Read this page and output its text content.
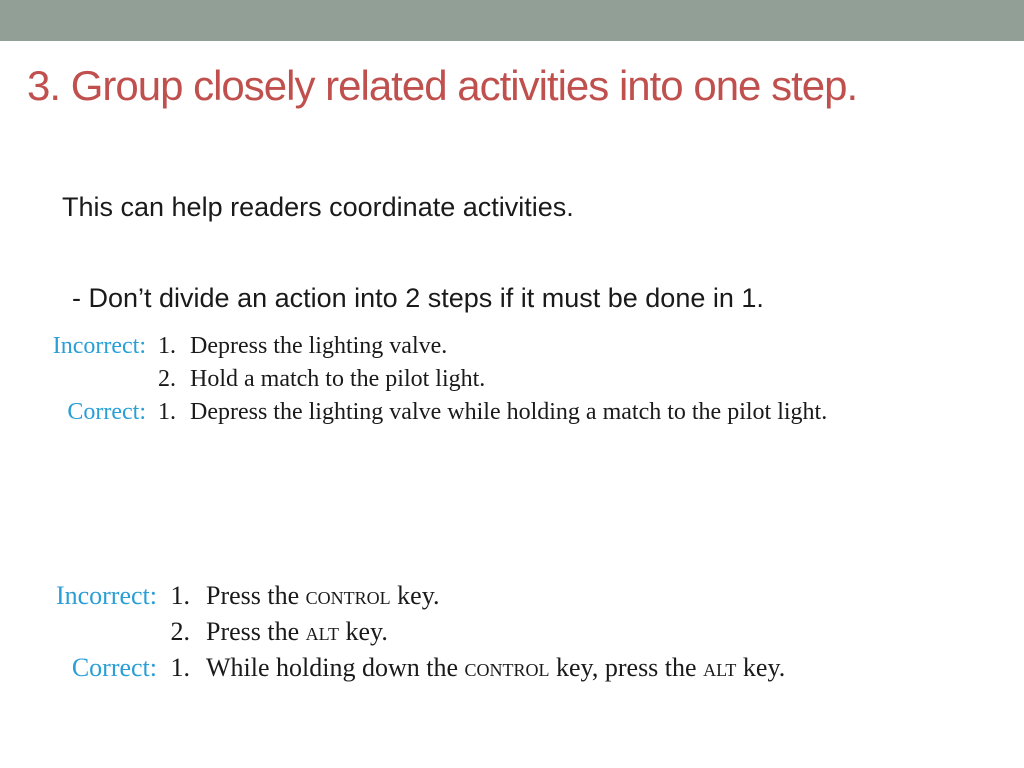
3. Group closely related activities into one step.

This can help readers coordinate activities.

- Don’t divide an action into 2 steps if it must be done in 1.

Incorrect: 1. Depress the lighting valve.
2. Hold a match to the pilot light.
Correct: 1. Depress the lighting valve while holding a match to the pilot light.
Incorrect: 1. Press the control key.
2. Press the alt key.
Correct: 1. While holding down the control key, press the alt key.
